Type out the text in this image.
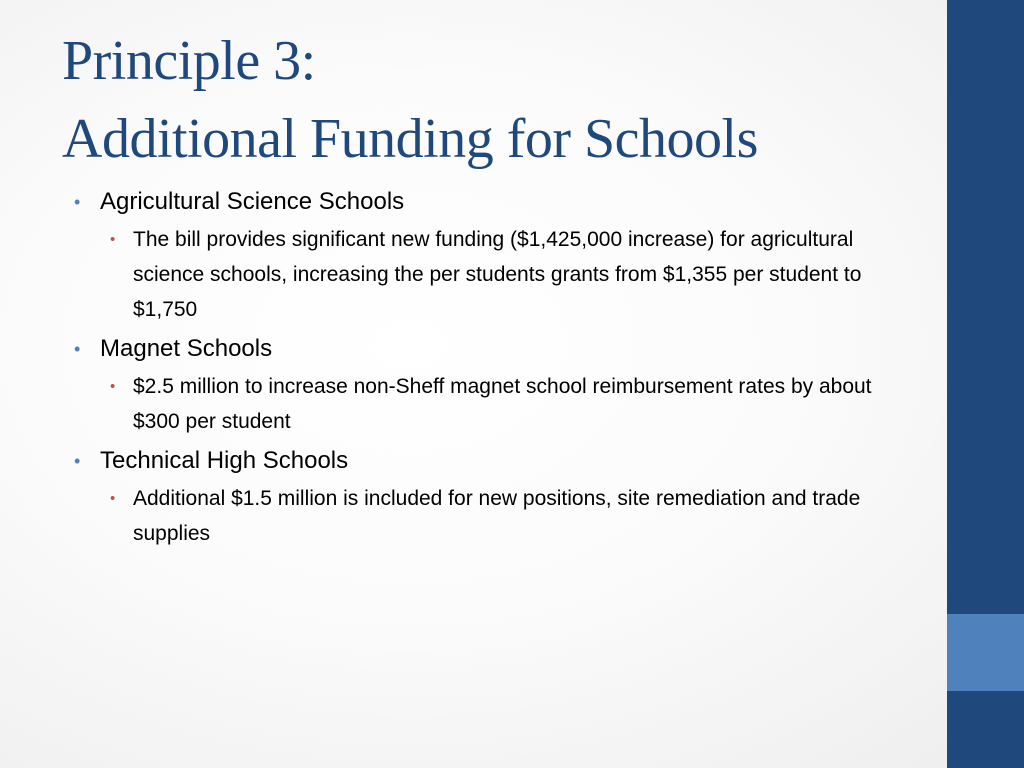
Principle 3:
Additional Funding for Schools
• Agricultural Science Schools
• The bill provides significant new funding ($1,425,000 increase) for agricultural science schools, increasing the per students grants from $1,355 per student to $1,750
• Magnet Schools
• $2.5 million to increase non-Sheff magnet school reimbursement rates by about $300 per student
• Technical High Schools
• Additional $1.5 million is included for new positions, site remediation and trade supplies
